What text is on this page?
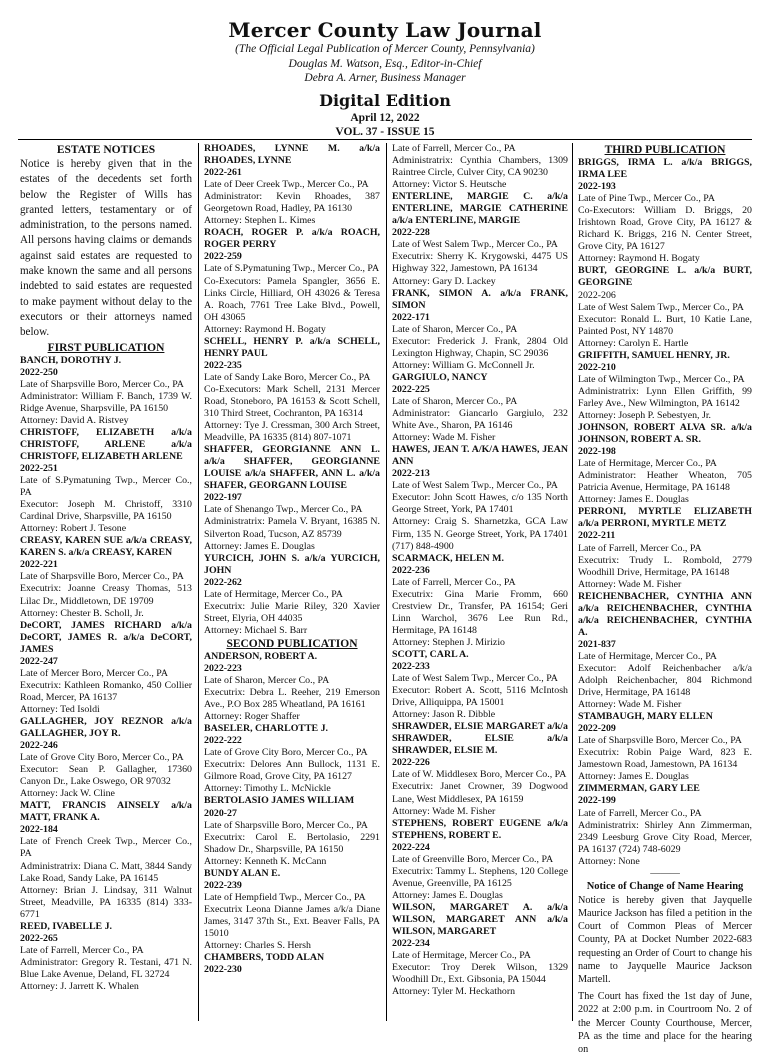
Mercer County Law Journal
(The Official Legal Publication of Mercer County, Pennsylvania)
Douglas M. Watson, Esq., Editor-in-Chief
Debra A. Arner, Business Manager
Digital Edition
April 12, 2022
VOL. 37 - ISSUE 15
ESTATE NOTICES
Notice is hereby given that in the estates of the decedents set forth below the Register of Wills has granted letters, testamentary or of administration, to the persons named. All persons having claims or demands against said estates are requested to make known the same and all persons indebted to said estates are requested to make payment without delay to the executors or their attorneys named below.
FIRST PUBLICATION
BANCH, DOROTHY J.
2022-250
Late of Sharpsville Boro, Mercer Co., PA
Administrator: William F. Banch, 1739 W. Ridge Avenue, Sharpsville, PA 16150
Attorney: David A. Ristvey
CHRISTOFF, ELIZABETH a/k/a CHRISTOFF, ARLENE a/k/a CHRISTOFF, ELIZABETH ARLENE
2022-251
Late of S.Pymatuning Twp., Mercer Co., PA
Executor: Joseph M. Christoff, 3310 Cardinal Drive, Sharpsville, PA 16150
Attorney: Robert J. Tesone
CREASY, KAREN SUE a/k/a CREASY, KAREN S. a/k/a CREASY, KAREN
2022-221
Late of Sharpsville Boro, Mercer Co., PA
Executrix: Joanne Creasy Thomas, 513 Lilac Dr., Middletown, DE 19709
Attorney: Chester B. Scholl, Jr.
DeCORT, JAMES RICHARD a/k/a DeCORT, JAMES R. a/k/a DeCORT, JAMES
2022-247
Late of Mercer Boro, Mercer Co., PA
Executrix: Kathleen Romanko, 450 Collier Road, Mercer, PA 16137
Attorney: Ted Isoldi
GALLAGHER, JOY REZNOR a/k/a GALLAGHER, JOY R.
2022-246
Late of Grove City Boro, Mercer Co., PA
Executor: Sean P. Gallagher, 17360 Canyon Dr., Lake Oswego, OR 97032
Attorney: Jack W. Cline
MATT, FRANCIS AINSELY a/k/a MATT, FRANK A.
2022-184
Late of French Creek Twp., Mercer Co., PA
Administratrix: Diana C. Matt, 3844 Sandy Lake Road, Sandy Lake, PA 16145
Attorney: Brian J. Lindsay, 311 Walnut Street, Meadville, PA 16335 (814) 333-6771
REED, IVABELLE J.
2022-265
Late of Farrell, Mercer Co., PA
Administrator: Gregory R. Testani, 471 N. Blue Lake Avenue, Deland, FL 32724
Attorney: J. Jarrett K. Whalen
RHOADES, LYNNE M. a/k/a RHOADES, LYNNE
2022-261
Late of Deer Creek Twp., Mercer Co., PA
Administrator: Kevin Rhoades, 387 Georgetown Road, Hadley, PA 16130
Attorney: Stephen L. Kimes
ROACH, ROGER P. a/k/a ROACH, ROGER PERRY
2022-259
Late of S.Pymatuning Twp., Mercer Co., PA
Co-Executors: Pamela Spangler, 3656 E. Links Circle, Hilliard, OH 43026 & Teresa A. Roach, 7761 Tree Lake Blvd., Powell, OH 43065
Attorney: Raymond H. Bogaty
SCHELL, HENRY P. a/k/a SCHELL, HENRY PAUL
2022-235
Late of Sandy Lake Boro, Mercer Co., PA
Co-Executors: Mark Schell, 2131 Mercer Road, Stoneboro, PA 16153 & Scott Schell, 310 Third Street, Cochranton, PA 16314
Attorney: Tye J. Cressman, 300 Arch Street, Meadville, PA 16335 (814) 807-1071
SHAFFER, GEORGIANNE ANN L. a/k/a SHAFFER, GEORGIANNE LOUISE a/k/a SHAFFER, ANN L. a/k/a SHAFER, GEORGANN LOUISE
2022-197
Late of Shenango Twp., Mercer Co., PA
Administratrix: Pamela V. Bryant, 16385 N. Silverton Road, Tucson, AZ 85739
Attorney: James E. Douglas
YURCICH, JOHN S. a/k/a YURCICH, JOHN
2022-262
Late of Hermitage, Mercer Co., PA
Executrix: Julie Marie Riley, 320 Xavier Street, Elyria, OH 44035
Attorney: Michael S. Barr
SECOND PUBLICATION
ANDERSON, ROBERT A.
2022-223
Late of Sharon, Mercer Co., PA
Executrix: Debra L. Reeher, 219 Emerson Ave., P.O Box 285 Wheatland, PA 16161
Attorney: Roger Shaffer
BASELER, CHARLOTTE J.
2022-222
Late of Grove City Boro, Mercer Co., PA
Executrix: Delores Ann Bullock, 1131 E. Gilmore Road, Grove City, PA 16127
Attorney: Timothy L. McNickle
BERTOLASIO JAMES WILLIAM
2020-27
Late of Sharpsville Boro, Mercer Co., PA
Executrix: Carol E. Bertolasio, 2291 Shadow Dr., Sharpsville, PA 16150
Attorney: Kenneth K. McCann
BUNDY ALAN E.
2022-239
Late of Hempfield Twp., Mercer Co., PA
Executrix Leona Dianne James a/k/a Diane James, 3147 37th St., Ext. Beaver Falls, PA 15010
Attorney: Charles S. Hersh
CHAMBERS, TODD ALAN
2022-230
Late of Farrell, Mercer Co., PA
Administratrix: Cynthia Chambers, 1309 Raintree Circle, Culver City, CA 90230
Attorney: Victor S. Heutsche
ENTERLINE, MARGIE C. a/k/a ENTERLINE, MARGIE CATHERINE a/k/a ENTERLINE, MARGIE
2022-228
Late of West Salem Twp., Mercer Co., PA
Executrix: Sherry K. Krygowski, 4475 US Highway 322, Jamestown, PA 16134
Attorney: Gary D. Lackey
FRANK, SIMON A. a/k/a FRANK, SIMON
2022-171
Late of Sharon, Mercer Co., PA
Executor: Frederick J. Frank, 2804 Old Lexington Highway, Chapin, SC 29036
Attorney: William G. McConnell Jr.
GARGIULO, NANCY
2022-225
Late of Sharon, Mercer Co., PA
Administrator: Giancarlo Gargiulo, 232 White Ave., Sharon, PA 16146
Attorney: Wade M. Fisher
HAWES, JEAN T. A/K/A HAWES, JEAN ANN
2022-213
Late of West Salem Twp., Mercer Co., PA
Executor: John Scott Hawes, c/o 135 North George Street, York, PA 17401
Attorney: Craig S. Sharnetzka, GCA Law Firm, 135 N. George Street, York, PA 17401 (717) 848-4900
SCARMACK, HELEN M.
2022-236
Late of Farrell, Mercer Co., PA
Executrix: Gina Marie Fromm, 660 Crestview Dr., Transfer, PA 16154; Geri Linn Warchol, 3676 Lee Run Rd., Hermitage, PA 16148
Attorney: Stephen J. Mirizio
SCOTT, CARL A.
2022-233
Late of West Salem Twp., Mercer Co., PA
Executor: Robert A. Scott, 5116 McIntosh Drive, Alliquippa, PA 15001
Attorney: Jason R. Dibble
SHRAWDER, ELSIE MARGARET a/k/a SHRAWDER, ELSIE a/k/a SHRAWDER, ELSIE M.
2022-226
Late of W. Middlesex Boro, Mercer Co., PA
Executrix: Janet Crowner, 39 Dogwood Lane, West Middlesex, PA 16159
Attorney: Wade M. Fisher
STEPHENS, ROBERT EUGENE a/k/a STEPHENS, ROBERT E.
2022-224
Late of Greenville Boro, Mercer Co., PA
Executrix: Tammy L. Stephens, 120 College Avenue, Greenville, PA 16125
Attorney: James E. Douglas
WILSON, MARGARET A. a/k/a WILSON, MARGARET ANN a/k/a WILSON, MARGARET
2022-234
Late of Hermitage, Mercer Co., PA
Executor: Troy Derek Wilson, 1329 Woodhill Dr., Ext. Gibsonia, PA 15044
Attorney: Tyler M. Heckathorn
THIRD PUBLICATION
BRIGGS, IRMA L. a/k/a BRIGGS, IRMA LEE
2022-193
Late of Pine Twp., Mercer Co., PA
Co-Executors: William D. Briggs, 20 Irishtown Road, Grove City, PA 16127 & Richard K. Briggs, 216 N. Center Street, Grove City, PA 16127
Attorney: Raymond H. Bogaty
BURT, GEORGINE L. a/k/a BURT, GEORGINE
2022-206
Late of West Salem Twp., Mercer Co., PA
Executor: Ronald L. Burt, 10 Katie Lane, Painted Post, NY 14870
Attorney: Carolyn E. Hartle
GRIFFITH, SAMUEL HENRY, JR.
2022-210
Late of Wilmington Twp., Mercer Co., PA
Administratrix: Lynn Ellen Griffith, 99 Farley Ave., New Wilmington, PA 16142
Attorney: Joseph P. Sebestyen, Jr.
JOHNSON, ROBERT ALVA SR. a/k/a JOHNSON, ROBERT A. SR.
2022-198
Late of Hermitage, Mercer Co., PA
Administrator: Heather Wheaton, 705 Patricia Avenue, Hermitage, PA 16148
Attorney: James E. Douglas
PERRONI, MYRTLE ELIZABETH a/k/a PERRONI, MYRTLE METZ
2022-211
Late of Farrell, Mercer Co., PA
Executrix: Trudy L. Rombold, 2779 Woodhill Drive, Hermitage, PA 16148
Attorney: Wade M. Fisher
REICHENBACHER, CYNTHIA ANN a/k/a REICHENBACHER, CYNTHIA a/k/a REICHENBACHER, CYNTHIA A.
2021-837
Late of Hermitage, Mercer Co., PA
Executor: Adolf Reichenbacher a/k/a Adolph Reichenbacher, 804 Richmond Drive, Hermitage, PA 16148
Attorney: Wade M. Fisher
STAMBAUGH, MARY ELLEN
2022-209
Late of Sharpsville Boro, Mercer Co., PA
Executrix: Robin Paige Ward, 823 E. Jamestown Road, Jamestown, PA 16134
Attorney: James E. Douglas
ZIMMERMAN, GARY LEE
2022-199
Late of Farrell, Mercer Co., PA
Administratrix: Shirley Ann Zimmerman, 2349 Leesburg Grove City Road, Mercer, PA 16137 (724) 748-6029
Attorney: None
———
Notice of Change of Name Hearing
Notice is hereby given that Jayquelle Maurice Jackson has filed a petition in the Court of Common Pleas of Mercer County, PA at Docket Number 2022-683 requesting an Order of Court to change his name to Jayquelle Maurice Jackson Martell.
The Court has fixed the 1st day of June, 2022 at 2:00 p.m. in Courtroom No. 2 of the Mercer County Courthouse, Mercer, PA as the time and place for the hearing on
